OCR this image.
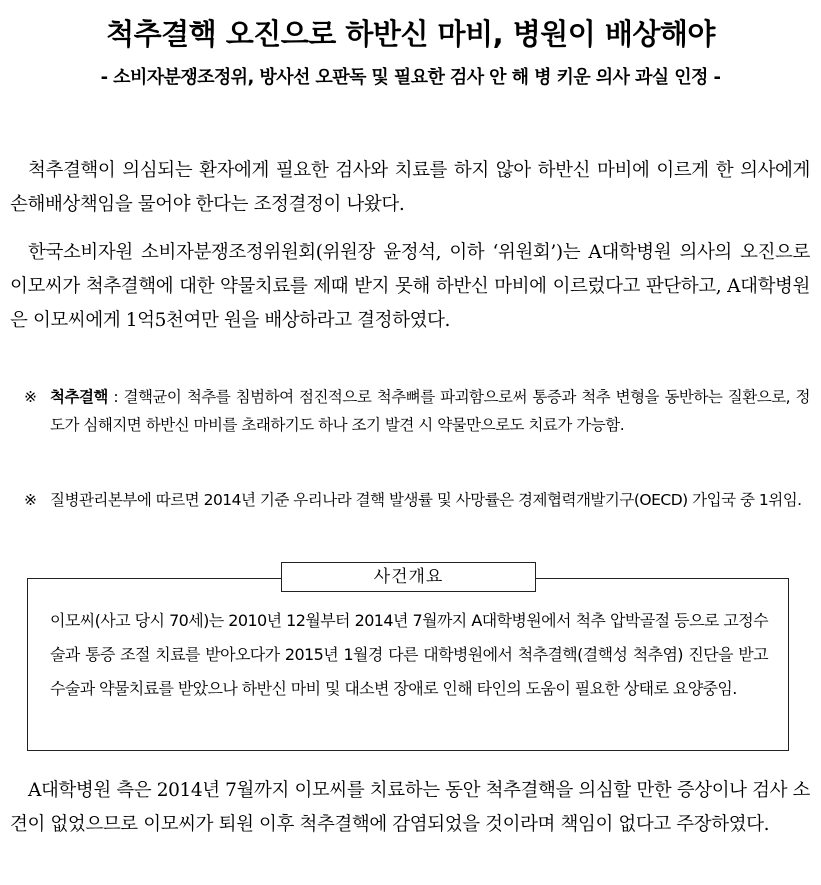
척추결핵 오진으로 하반신 마비, 병원이 배상해야
- 소비자분쟁조정위, 방사선 오판독 및 필요한 검사 안 해 병 키운 의사 과실 인정 -
척추결핵이 의심되는 환자에게 필요한 검사와 치료를 하지 않아 하반신 마비에 이르게 한 의사에게 손해배상책임을 물어야 한다는 조정결정이 나왔다.
한국소비자원 소비자분쟁조정위원회(위원장 윤정석, 이하 ‘위원회’)는 A대학병원 의사의 오진으로 이모씨가 척추결핵에 대한 약물치료를 제때 받지 못해 하반신 마비에 이르렀다고 판단하고, A대학병원은 이모씨에게 1억5천여만 원을 배상하라고 결정하였다.
※ 척추결핵 : 결핵균이 척추를 침범하여 점진적으로 척추뼈를 파괴함으로써 통증과 척추 변형을 동반하는 질환으로, 정도가 심해지면 하반신 마비를 초래하기도 하나 조기 발견 시 약물만으로도 치료가 가능함.
※ 질병관리본부에 따르면 2014년 기준 우리나라 결핵 발생률 및 사망률은 경제협력개발기구(OECD) 가입국 중 1위임.
사건개요
이모씨(사고 당시 70세)는 2010년 12월부터 2014년 7월까지 A대학병원에서 척추 압박골절 등으로 고정수술과 통증 조절 치료를 받아오다가 2015년 1월경 다른 대학병원에서 척추결핵(결핵성 척추염) 진단을 받고 수술과 약물치료를 받았으나 하반신 마비 및 대소변 장애로 인해 타인의 도움이 필요한 상태로 요양중임.
A대학병원 측은 2014년 7월까지 이모씨를 치료하는 동안 척추결핵을 의심할 만한 증상이나 검사 소견이 없었으므로 이모씨가 퇴원 이후 척추결핵에 감염되었을 것이라며 책임이 없다고 주장하였다.
